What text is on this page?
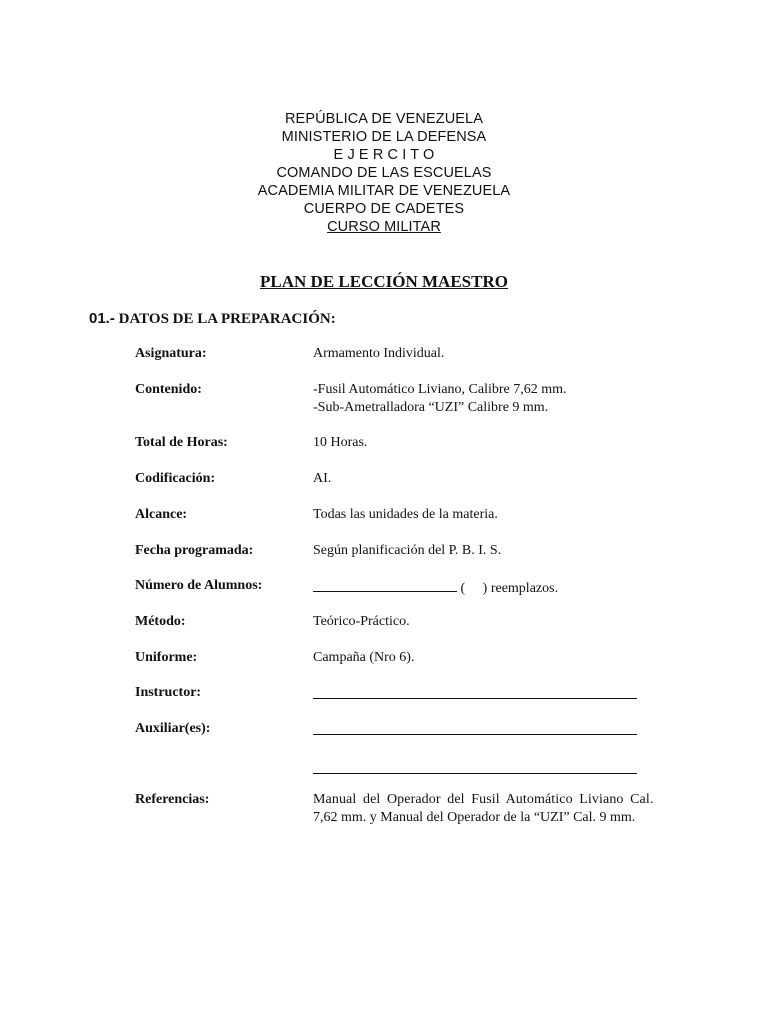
REPÚBLICA DE VENEZUELA
MINISTERIO DE LA DEFENSA
E J E R C I T O
COMANDO DE LAS ESCUELAS
ACADEMIA MILITAR DE VENEZUELA
CUERPO DE CADETES
CURSO MILITAR
PLAN DE LECCIÓN MAESTRO
01.- DATOS DE LA PREPARACIÓN:
Asignatura:	Armamento Individual.
Contenido:	-Fusil Automático Liviano, Calibre 7,62 mm.
-Sub-Ametralladora “UZI” Calibre 9 mm.
Total de Horas:	10 Horas.
Codificación:	AI.
Alcance:	Todas las unidades de la materia.
Fecha programada:	Según planificación del P. B. I. S.
Número de Alumnos:	(     ) reemplazos.
Método:	Teórico-Práctico.
Uniforme:	Campaña (Nro 6).
Instructor:
Auxiliar(es):
Referencias:	Manual del Operador del Fusil Automático Liviano Cal.
7,62 mm. y Manual del Operador de la “UZI” Cal. 9 mm.
